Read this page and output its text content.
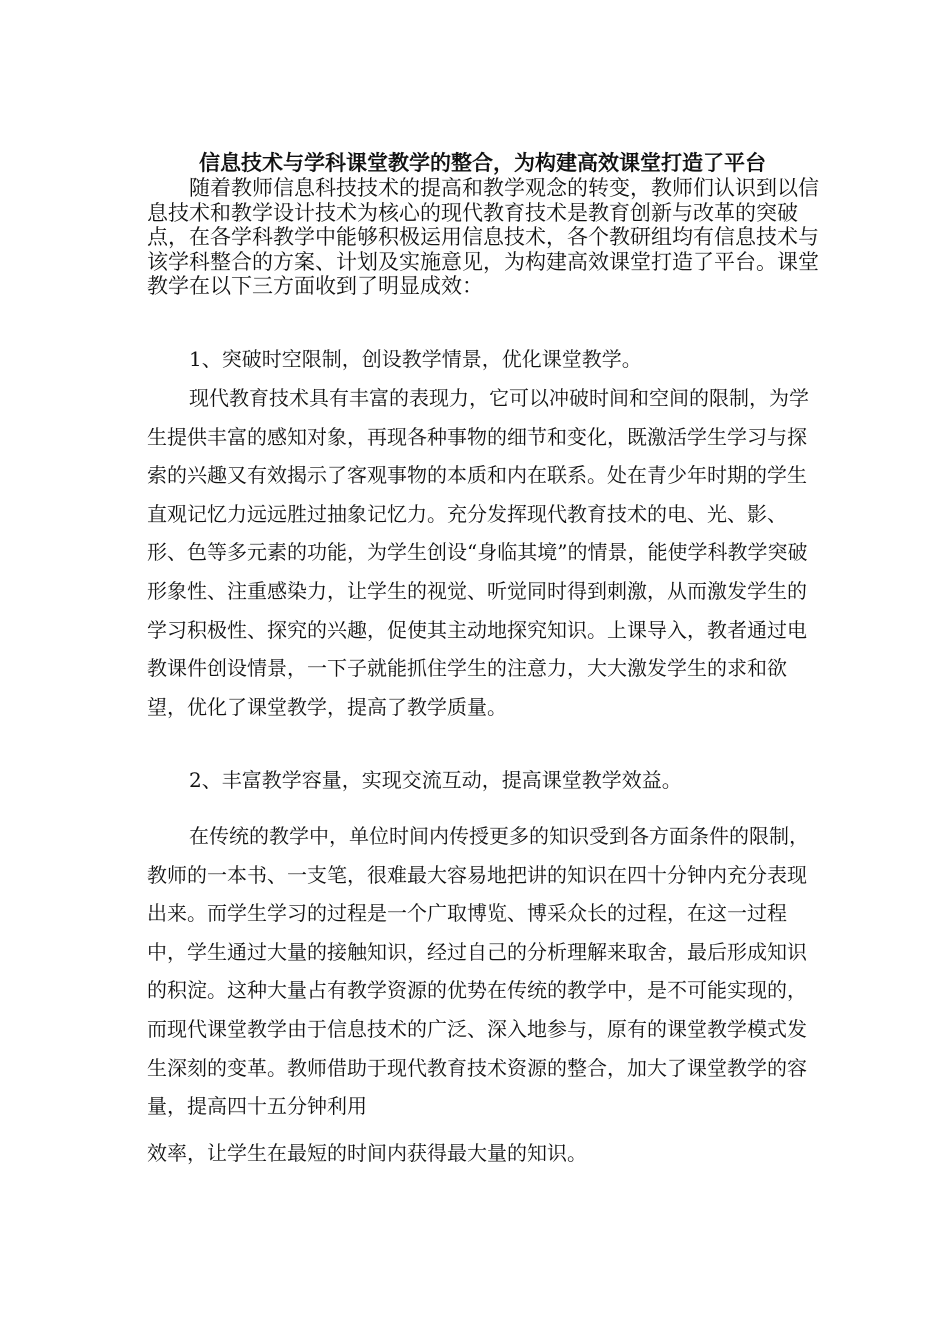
信息技术与学科课堂教学的整合，为构建高效课堂打造了平台

随着教师信息科技技术的提高和教学观念的转变，教师们认识到以信息技术和教学设计技术为核心的现代教育技术是教育创新与改革的突破点，在各学科教学中能够积极运用信息技术，各个教研组均有信息技术与该学科整合的方案、计划及实施意见，为构建高效课堂打造了平台。课堂教学在以下三方面收到了明显成效：

1、突破时空限制，创设教学情景，优化课堂教学。

现代教育技术具有丰富的表现力，它可以冲破时间和空间的限制，为学生提供丰富的感知对象，再现各种事物的细节和变化，既激活学生学习与探索的兴趣又有效揭示了客观事物的本质和内在联系。处在青少年时期的学生直观记忆力远远胜过抽象记忆力。充分发挥现代教育技术的电、光、影、形、色等多元素的功能，为学生创设“身临其境”的情景，能使学科教学突破形象性、注重感染力，让学生的视觉、听觉同时得到刺激，从而激发学生的学习积极性、探究的兴趣，促使其主动地探究知识。上课导入，教者通过电教课件创设情景，一下子就能抓住学生的注意力，大大激发学生的求和欲望，优化了课堂教学，提高了教学质量。

2、丰富教学容量，实现交流互动，提高课堂教学效益。

在传统的教学中，单位时间内传授更多的知识受到各方面条件的限制，教师的一本书、一支笔，很难最大容易地把讲的知识在四十分钟内充分表现出来。而学生学习的过程是一个广取博览、博采众长的过程，在这一过程中，学生通过大量的接触知识，经过自己的分析理解来取舍，最后形成知识的积淀。这种大量占有教学资源的优势在传统的教学中，是不可能实现的，而现代课堂教学由于信息技术的广泛、深入地参与，原有的课堂教学模式发生深刻的变革。教师借助于现代教育技术资源的整合，加大了课堂教学的容量，提高四十五分钟利用

效率，让学生在最短的时间内获得最大量的知识。
